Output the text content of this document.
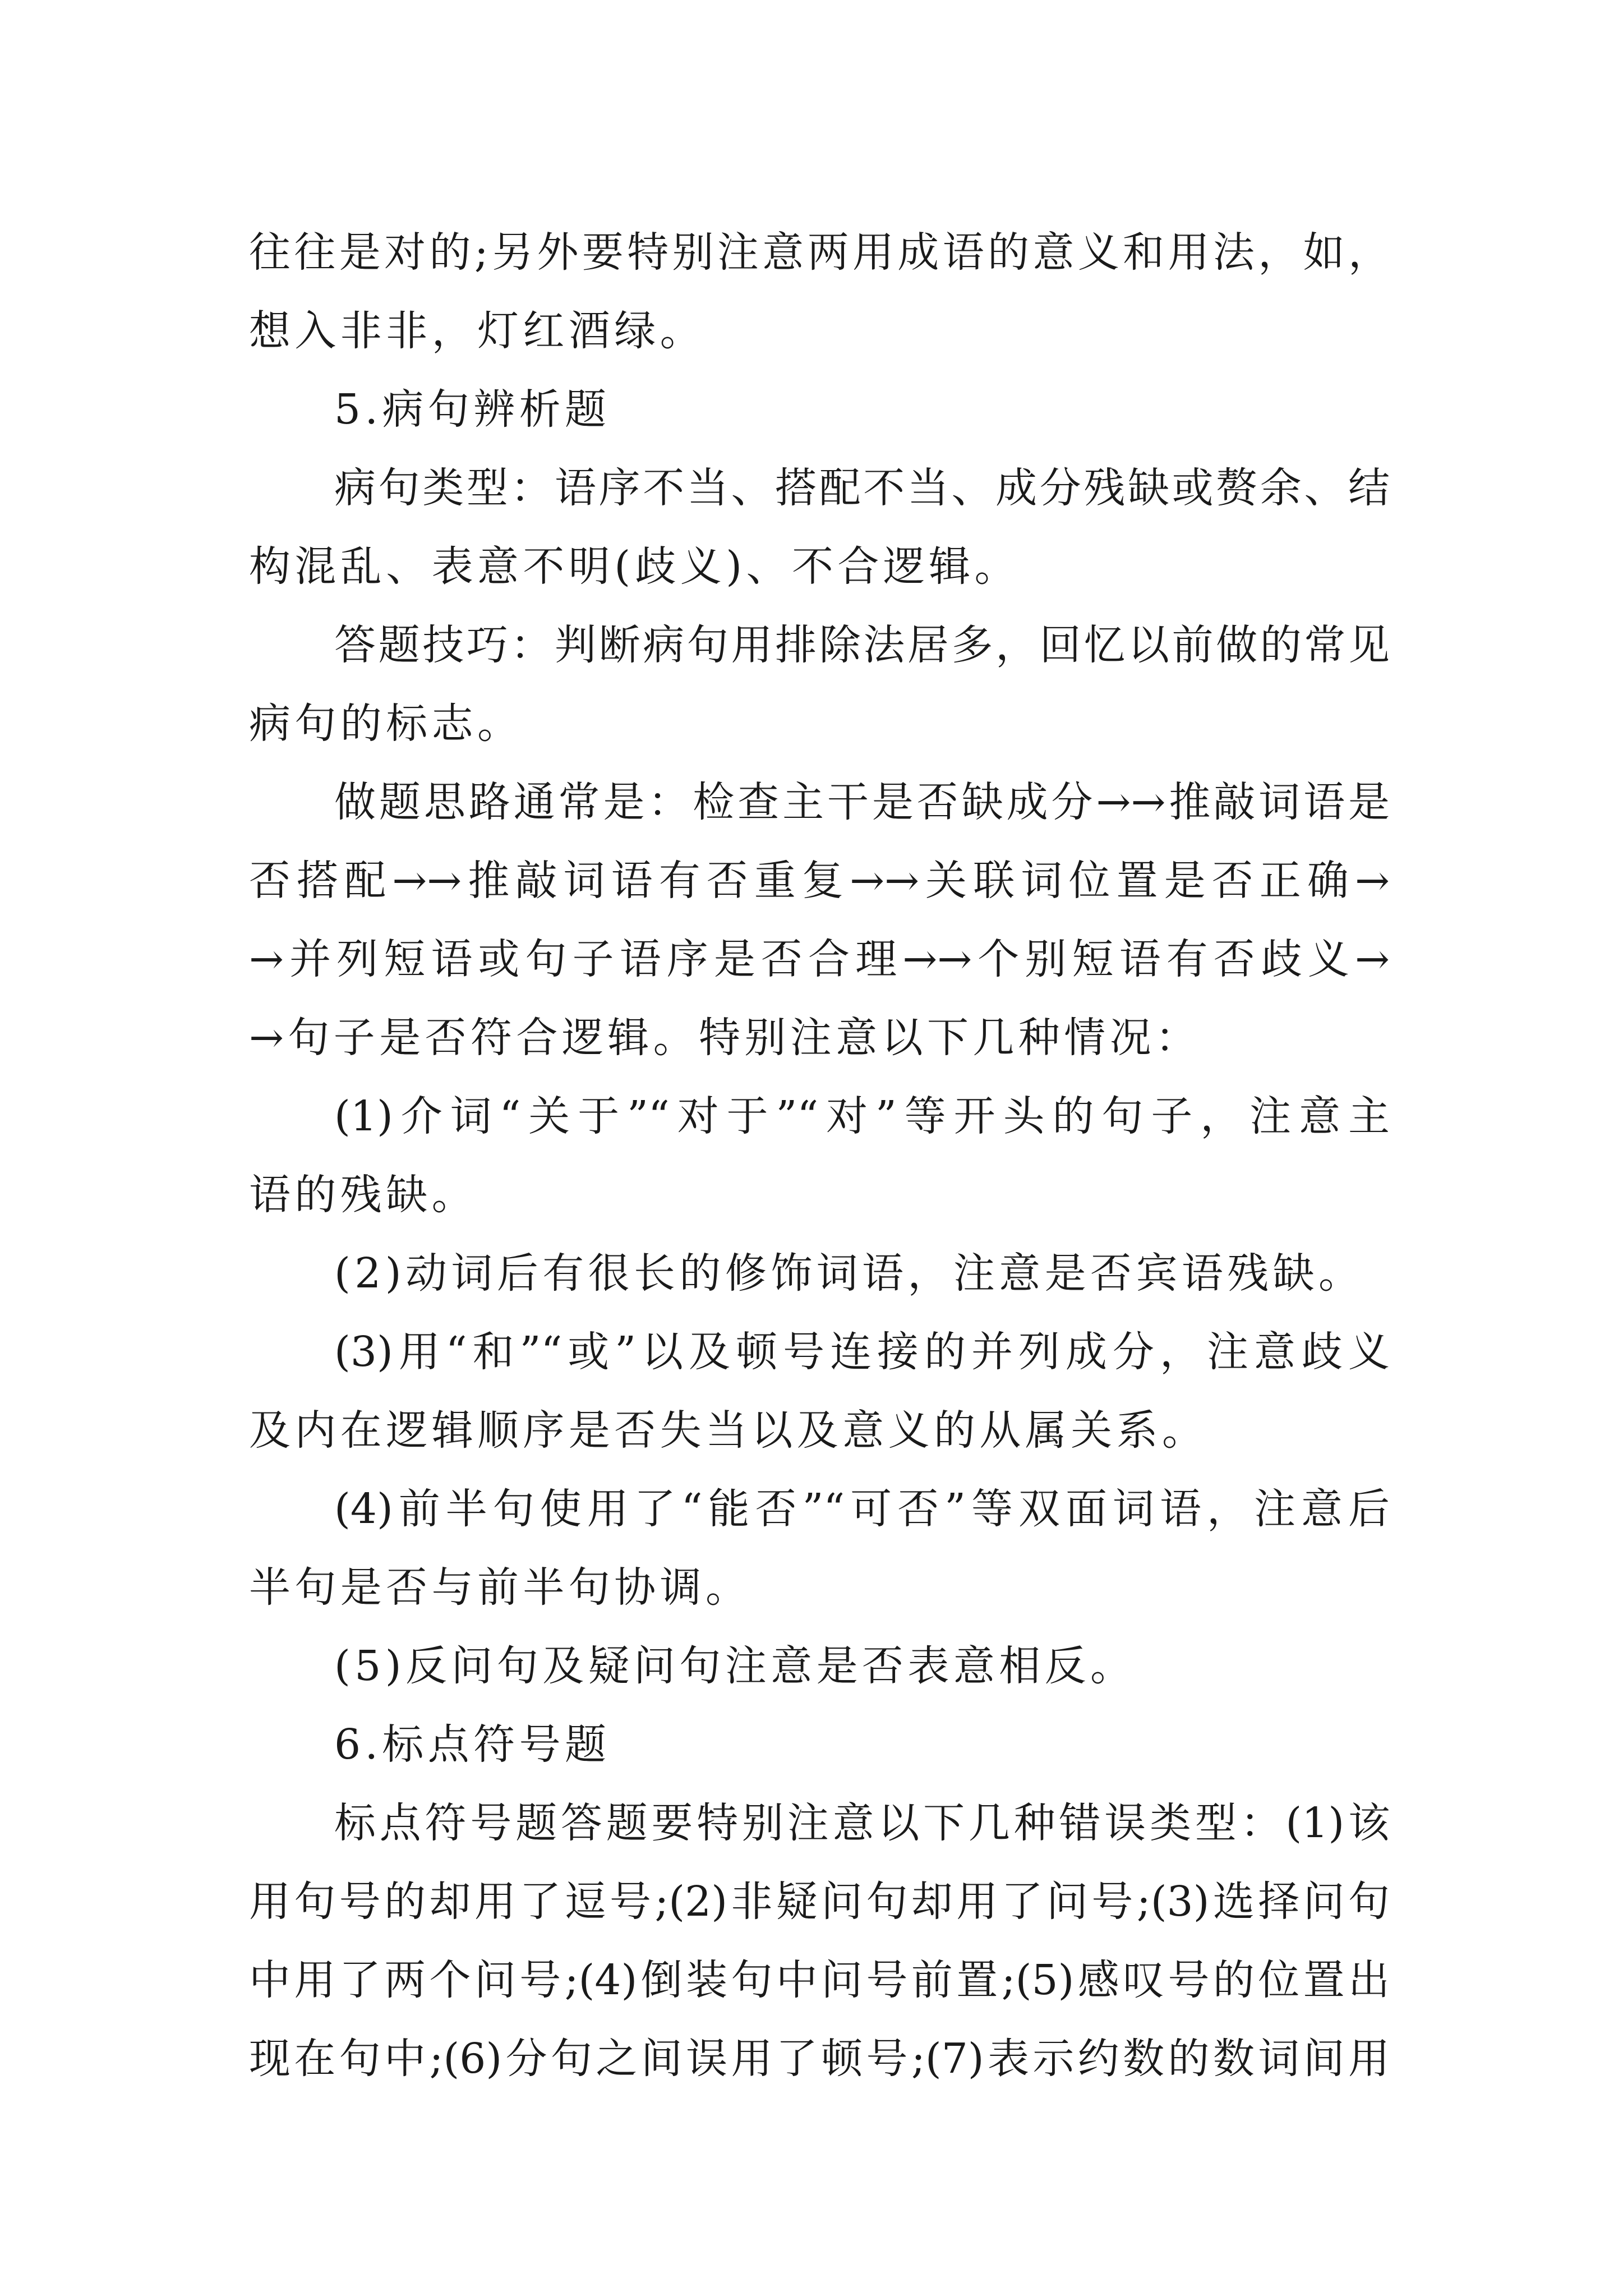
往往是对的;另外要特别注意两用成语的意义和用法，如，
想入非非，灯红酒绿。
5.病句辨析题
病句类型：语序不当、搭配不当、成分残缺或赘余、结
构混乱、表意不明(歧义)、不合逻辑。
答题技巧：判断病句用排除法居多，回忆以前做的常见
病句的标志。
做题思路通常是：检查主干是否缺成分→→推敲词语是
否搭配→→推敲词语有否重复→→关联词位置是否正确→
→并列短语或句子语序是否合理→→个别短语有否歧义→
→句子是否符合逻辑。特别注意以下几种情况：
(1)介词“关于”“对于”“对”等开头的句子，注意主
语的残缺。
(2)动词后有很长的修饰词语，注意是否宾语残缺。
(3)用“和”“或”以及顿号连接的并列成分，注意歧义
及内在逻辑顺序是否失当以及意义的从属关系。
(4)前半句使用了“能否”“可否”等双面词语，注意后
半句是否与前半句协调。
(5)反问句及疑问句注意是否表意相反。
6.标点符号题
标点符号题答题要特别注意以下几种错误类型：(1)该
用句号的却用了逗号;(2)非疑问句却用了问号;(3)选择问句
中用了两个问号;(4)倒装句中问号前置;(5)感叹号的位置出
现在句中;(6)分句之间误用了顿号;(7)表示约数的数词间用
